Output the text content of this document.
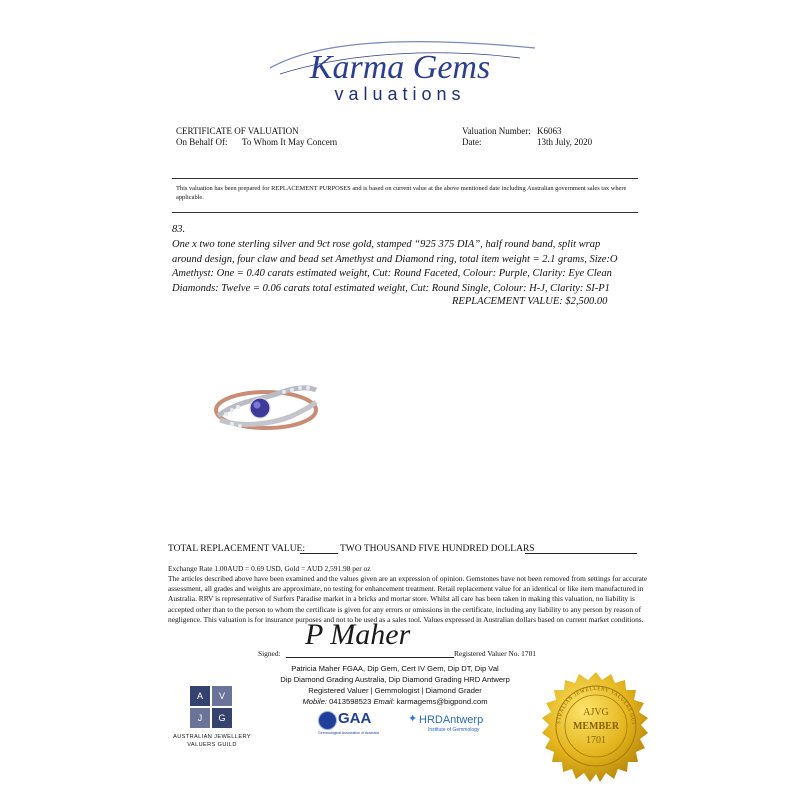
Karma Gems
valuations
CERTIFICATE OF VALUATION
On Behalf Of: To Whom It May Concern
Valuation Number: K6063
Date:	13th July, 2020
This valuation has been prepared for REPLACEMENT PURPOSES and is based on current value at the above mentioned date including Australian government sales tax where applicable.
83.
One x two tone sterling silver and 9ct rose gold, stamped “925 375 DIA”, half round band, split wrap
around design, four claw and bead set Amethyst and Diamond ring, total item weight = 2.1 grams, Size:O
Amethyst: One = 0.40 carats estimated weight, Cut: Round Faceted, Colour: Purple, Clarity: Eye Clean
Diamonds: Twelve = 0.06 carats total estimated weight, Cut: Round Single, Colour: H-J, Clarity: SI-P1
REPLACEMENT VALUE: $2,500.00
TOTAL REPLACEMENT VALUE:	TWO THOUSAND FIVE HUNDRED DOLLARS
Exchange Rate 1.00AUD = 0.69 USD, Gold = AUD 2,591.98 per oz
The articles described above have been examined and the values given are an expression of opinion. Gemstones have not been removed from settings for accurate
assessment, all grades and weights are approximate, no testing for enhancement treatment. Retail replacement value for an identical or like item manufactured in
Australia. RRV is representative of Surfers Paradise market in a bricks and mortar store. Whilst all care has been taken in making this valuation, no liability is
accepted other than to the person to whom the certificate is given for any errors or omissions in the certificate, including any liability to any person by reason of
negligence. This valuation is for insurance purposes and not to be used as a sales tool. Values expressed in Australian dollars based on current market conditions.
Signed:
P Maher
Registered Valuer No. 1701
Patricia Maher FGAA, Dip Gem, Cert IV Gem, Dip DT, Dip Val
Dip Diamond Grading Australia, Dip Diamond Grading HRD Antwerp
Registered Valuer | Gemmologist | Diamond Grader
Mobile: 0413598523 Email: karmagems@bigpond.com
A	V
J	G
AUSTRALIAN JEWELLERY
VALUERS GUILD
GAA
Gemmological Association of Australia
✦ HRDAntwerp
Institute of Gemmology
AJVG
MEMBER
1701
STRALIAN JEWELLERY VALUERS GUI
